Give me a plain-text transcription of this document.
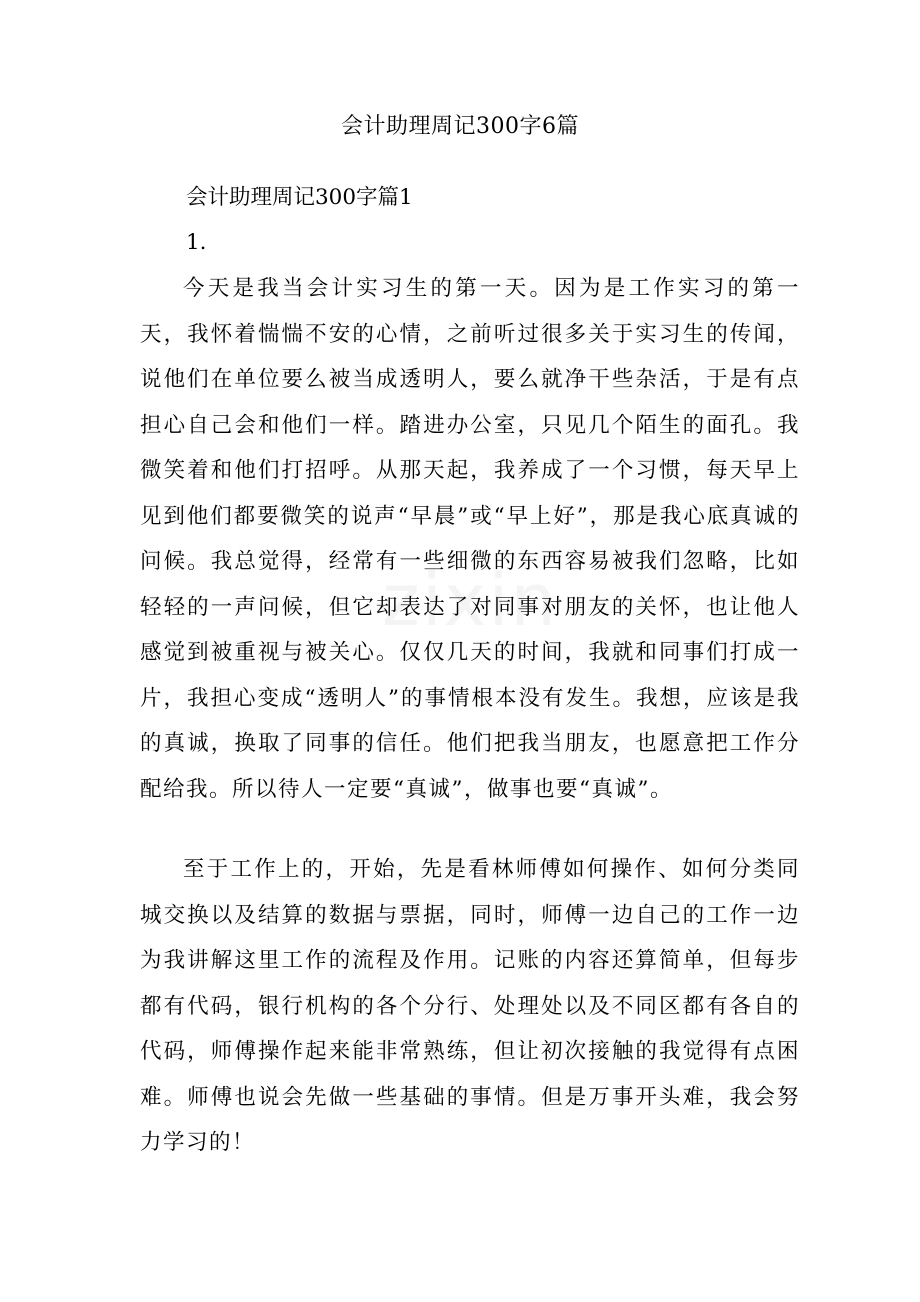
zixin
会计助理周记300字6篇
会计助理周记300字篇1
1.

今天是我当会计实习生的第一天。因为是工作实习的第一天，我怀着惴惴不安的心情，之前听过很多关于实习生的传闻，说他们在单位要么被当成透明人，要么就净干些杂活，于是有点担心自己会和他们一样。踏进办公室，只见几个陌生的面孔。我微笑着和他们打招呼。从那天起，我养成了一个习惯，每天早上见到他们都要微笑的说声“早晨”或“早上好”，那是我心底真诚的问候。我总觉得，经常有一些细微的东西容易被我们忽略，比如轻轻的一声问候，但它却表达了对同事对朋友的关怀，也让他人感觉到被重视与被关心。仅仅几天的时间，我就和同事们打成一片，我担心变成“透明人”的事情根本没有发生。我想，应该是我的真诚，换取了同事的信任。他们把我当朋友，也愿意把工作分配给我。所以待人一定要“真诚”，做事也要“真诚”。

至于工作上的，开始，先是看林师傅如何操作、如何分类同城交换以及结算的数据与票据，同时，师傅一边自己的工作一边为我讲解这里工作的流程及作用。记账的内容还算简单，但每步都有代码，银行机构的各个分行、处理处以及不同区都有各自的代码，师傅操作起来能非常熟练，但让初次接触的我觉得有点困难。师傅也说会先做一些基础的事情。但是万事开头难，我会努力学习的！
